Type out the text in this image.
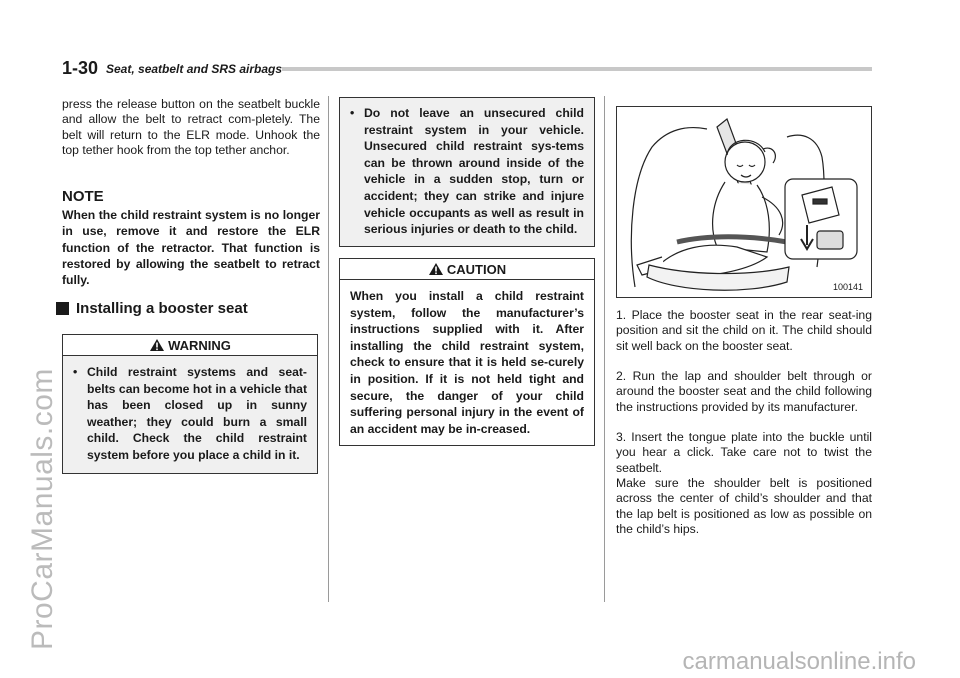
1-30 Seat, seatbelt and SRS airbags
press the release button on the seatbelt buckle and allow the belt to retract com-pletely. The belt will return to the ELR mode. Unhook the top tether hook from the top tether anchor.
NOTE
When the child restraint system is no longer in use, remove it and restore the ELR function of the retractor. That function is restored by allowing the seatbelt to retract fully.
Installing a booster seat
WARNING
• Child restraint systems and seat-belts can become hot in a vehicle that has been closed up in sunny weather; they could burn a small child. Check the child restraint system before you place a child in it.
• Do not leave an unsecured child restraint system in your vehicle. Unsecured child restraint sys-tems can be thrown around inside of the vehicle in a sudden stop, turn or accident; they can strike and injure vehicle occupants as well as result in serious injuries or death to the child.
CAUTION
When you install a child restraint system, follow the manufacturer’s instructions supplied with it. After installing the child restraint system, check to ensure that it is held se-curely in position. If it is not held tight and secure, the danger of your child suffering personal injury in the event of an accident may be in-creased.
100141
1. Place the booster seat in the rear seat-ing position and sit the child on it. The child should sit well back on the booster seat.
2. Run the lap and shoulder belt through or around the booster seat and the child following the instructions provided by its manufacturer.
3. Insert the tongue plate into the buckle until you hear a click. Take care not to twist the seatbelt.
Make sure the shoulder belt is positioned across the center of child’s shoulder and that the lap belt is positioned as low as possible on the child’s hips.
ProCarManuals.com
carmanualsonline.info
